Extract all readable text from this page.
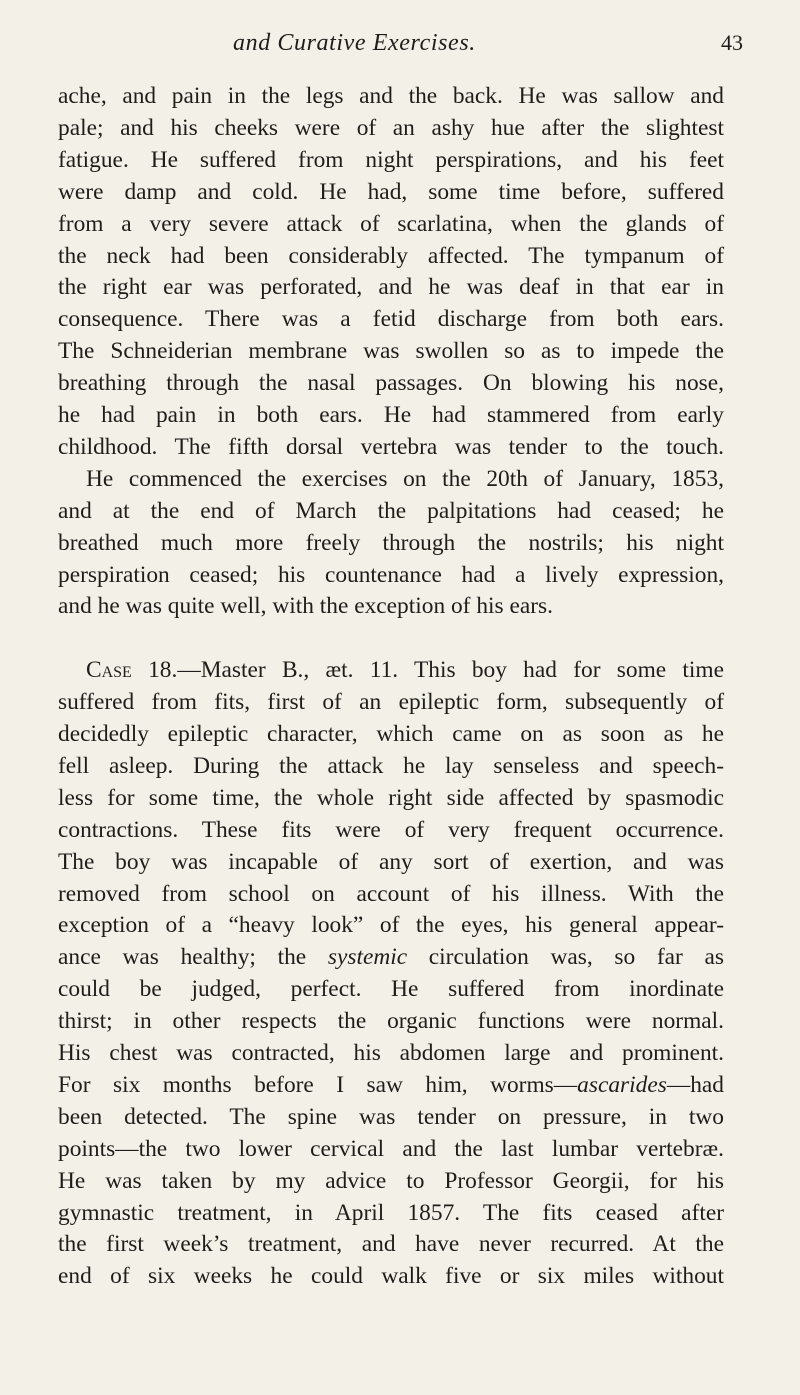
and Curative Exercises.	43
ache, and pain in the legs and the back. He was sallow and
pale; and his cheeks were of an ashy hue after the slightest
fatigue. He suffered from night perspirations, and his feet
were damp and cold. He had, some time before, suffered
from a very severe attack of scarlatina, when the glands of
the neck had been considerably affected. The tympanum of
the right ear was perforated, and he was deaf in that ear in
consequence. There was a fetid discharge from both ears.
The Schneiderian membrane was swollen so as to impede the
breathing through the nasal passages. On blowing his nose,
he had pain in both ears. He had stammered from early
childhood. The fifth dorsal vertebra was tender to the touch.
He commenced the exercises on the 20th of January, 1853,
and at the end of March the palpitations had ceased; he
breathed much more freely through the nostrils; his night
perspiration ceased; his countenance had a lively expression,
and he was quite well, with the exception of his ears.
Case 18.—Master B., æt. 11. This boy had for some time
suffered from fits, first of an epileptic form, subsequently of
decidedly epileptic character, which came on as soon as he
fell asleep. During the attack he lay senseless and speech-
less for some time, the whole right side affected by spasmodic
contractions. These fits were of very frequent occurrence.
The boy was incapable of any sort of exertion, and was
removed from school on account of his illness. With the
exception of a “heavy look” of the eyes, his general appear-
ance was healthy; the systemic circulation was, so far as
could be judged, perfect. He suffered from inordinate
thirst; in other respects the organic functions were normal.
His chest was contracted, his abdomen large and prominent.
For six months before I saw him, worms—ascarides—had
been detected. The spine was tender on pressure, in two
points—the two lower cervical and the last lumbar vertebræ.
He was taken by my advice to Professor Georgii, for his
gymnastic treatment, in April 1857. The fits ceased after
the first week’s treatment, and have never recurred. At the
end of six weeks he could walk five or six miles without
